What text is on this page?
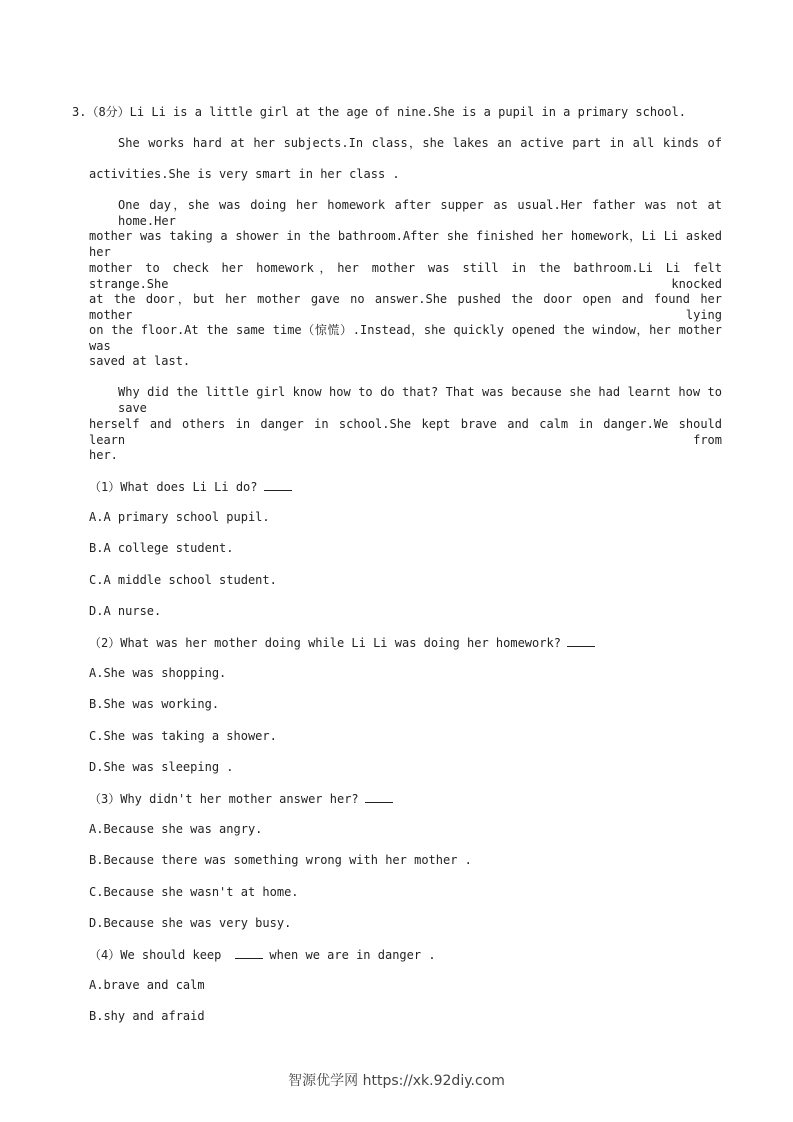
3.（8分）Li Li is a little girl at the age of nine.She is a pupil in a primary school.
She works hard at her subjects.In class，she lakes an active part in all kinds of
activities.She is very smart in her class .
One day，she was doing her homework after supper as usual.Her father was not at home.Her
mother was taking a shower in the bathroom.After she finished her homework，Li Li asked her
mother to check her homework，her mother was still in the bathroom.Li Li felt strange.She knocked
at the door，but her mother gave no answer.She pushed the door open and found her mother lying
on the floor.At the same time（惊慌）.Instead，she quickly opened the window，her mother was
saved at last.
Why did the little girl know how to do that? That was because she had learnt how to save
herself and others in danger in school.She kept brave and calm in danger.We should learn from
her.
（1）What does Li Li do?
A.A primary school pupil.
B.A college student.
C.A middle school student.
D.A nurse.
（2）What was her mother doing while Li Li was doing her homework?
A.She was shopping.
B.She was working.
C.She was taking a shower.
D.She was sleeping .
（3）Why didn't her mother answer her?
A.Because she was angry.
B.Because there was something wrong with her mother .
C.Because she wasn't at home.
D.Because she was very busy.
（4）We should keep	when we are in danger .
A.brave and calm
B.shy and afraid
智源优学网 https://xk.92diy.com
